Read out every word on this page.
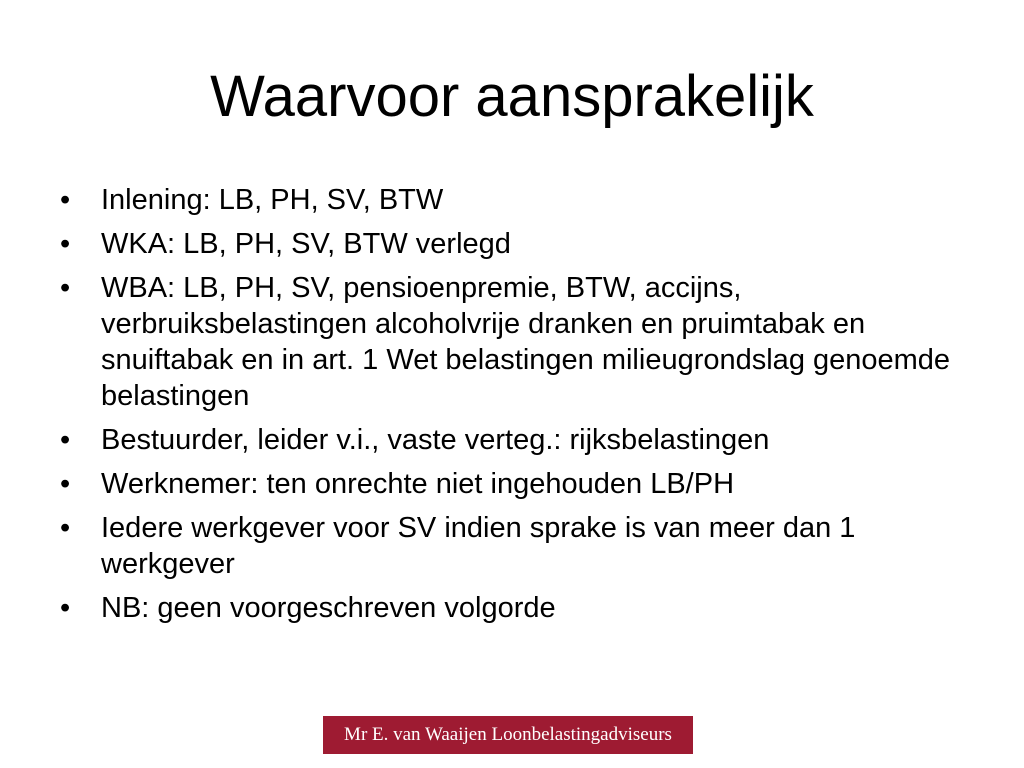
Waarvoor aansprakelijk
• Inlening: LB, PH, SV, BTW
• WKA: LB, PH, SV, BTW verlegd
• WBA: LB, PH, SV, pensioenpremie, BTW, accijns, verbruiksbelastingen alcoholvrije dranken en pruimtabak en snuiftabak en in art. 1 Wet belastingen milieugrondslag genoemde belastingen
• Bestuurder, leider v.i., vaste verteg.: rijksbelastingen
• Werknemer: ten onrechte niet ingehouden LB/PH
• Iedere werkgever voor SV indien sprake is van meer dan 1 werkgever
• NB: geen voorgeschreven volgorde
Mr E. van Waaijen Loonbelastingadviseurs
